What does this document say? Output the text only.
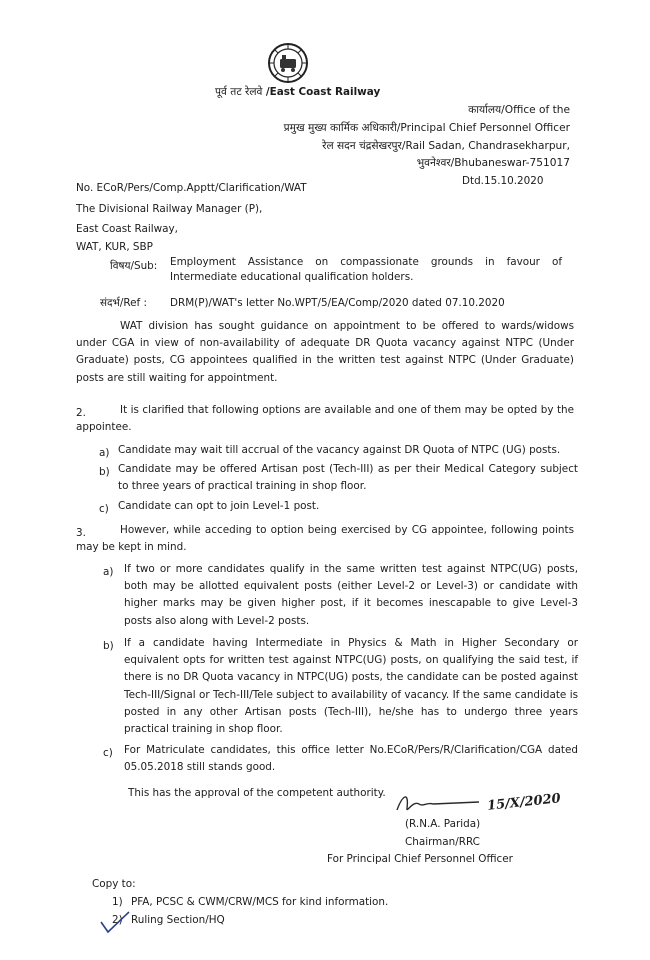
पूर्व तट रेलवे /East Coast Railway
कार्यालय/Office of the
प्रमुख मुख्य कार्मिक अधिकारी/Principal Chief Personnel Officer
रेल सदन चंद्रसेखरपुर/Rail Sadan, Chandrasekharpur,
भुवनेश्वर/Bhubaneswar-751017
No. ECoR/Pers/Comp.Apptt/Clarification/WAT
Dtd.15.10.2020
The Divisional Railway Manager (P),
East Coast Railway,
WAT, KUR, SBP
विषय/Sub: Employment Assistance on compassionate grounds in favour of Intermediate educational qualification holders.
संदर्भ/Ref : DRM(P)/WAT's letter No.WPT/5/EA/Comp/2020 dated 07.10.2020
WAT division has sought guidance on appointment to be offered to wards/widows under CGA in view of non-availability of adequate DR Quota vacancy against NTPC (Under Graduate) posts, CG appointees qualified in the written test against NTPC (Under Graduate) posts are still waiting for appointment.
2.	It is clarified that following options are available and one of them may be opted by the appointee.
a) Candidate may wait till accrual of the vacancy against DR Quota of NTPC (UG) posts.
b) Candidate may be offered Artisan post (Tech-III) as per their Medical Category subject to three years of practical training in shop floor.
c) Candidate can opt to join Level-1 post.
3.	However, while acceding to option being exercised by CG appointee, following points may be kept in mind.
a) If two or more candidates qualify in the same written test against NTPC(UG) posts, both may be allotted equivalent posts (either Level-2 or Level-3) or candidate with higher marks may be given higher post, if it becomes inescapable to give Level-3 posts also along with Level-2 posts.
b) If a candidate having Intermediate in Physics & Math in Higher Secondary or equivalent opts for written test against NTPC(UG) posts, on qualifying the said test, if there is no DR Quota vacancy in NTPC(UG) posts, the candidate can be posted against Tech-III/Signal or Tech-III/Tele subject to availability of vacancy. If the same candidate is posted in any other Artisan posts (Tech-III), he/she has to undergo three years practical training in shop floor.
c) For Matriculate candidates, this office letter No.ECoR/Pers/R/Clarification/CGA dated 05.05.2018 still stands good.
This has the approval of the competent authority.	15/X/2020
(R.N.A. Parida)
Chairman/RRC
For Principal Chief Personnel Officer
Copy to:
1) PFA, PCSC & CWM/CRW/MCS for kind information.
2) Ruling Section/HQ
